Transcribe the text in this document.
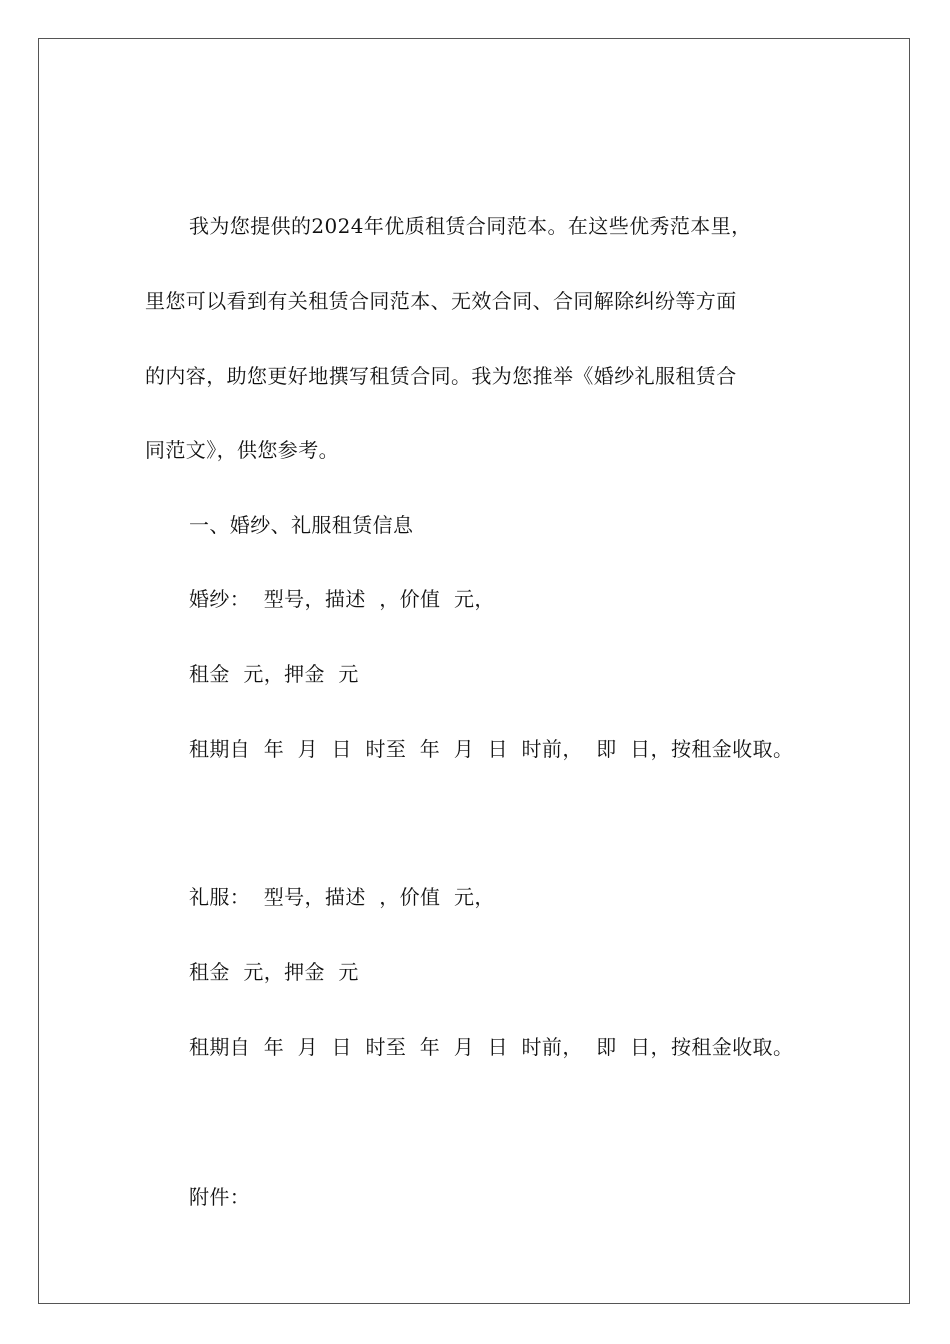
我为您提供的2024年优质租赁合同范本。在这些优秀范本里，
里您可以看到有关租赁合同范本、无效合同、合同解除纠纷等方面
的内容，助您更好地撰写租赁合同。我为您推举《婚纱礼服租赁合
同范文》，供您参考。
一、婚纱、礼服租赁信息
婚纱：  型号，描述  ，价值  元，
租金  元，押金  元
租期自  年  月  日  时至  年  月  日  时前，  即  日，按租金收取。
礼服：  型号，描述  ，价值  元，
租金  元，押金  元
租期自  年  月  日  时至  年  月  日  时前，  即  日，按租金收取。
附件：
